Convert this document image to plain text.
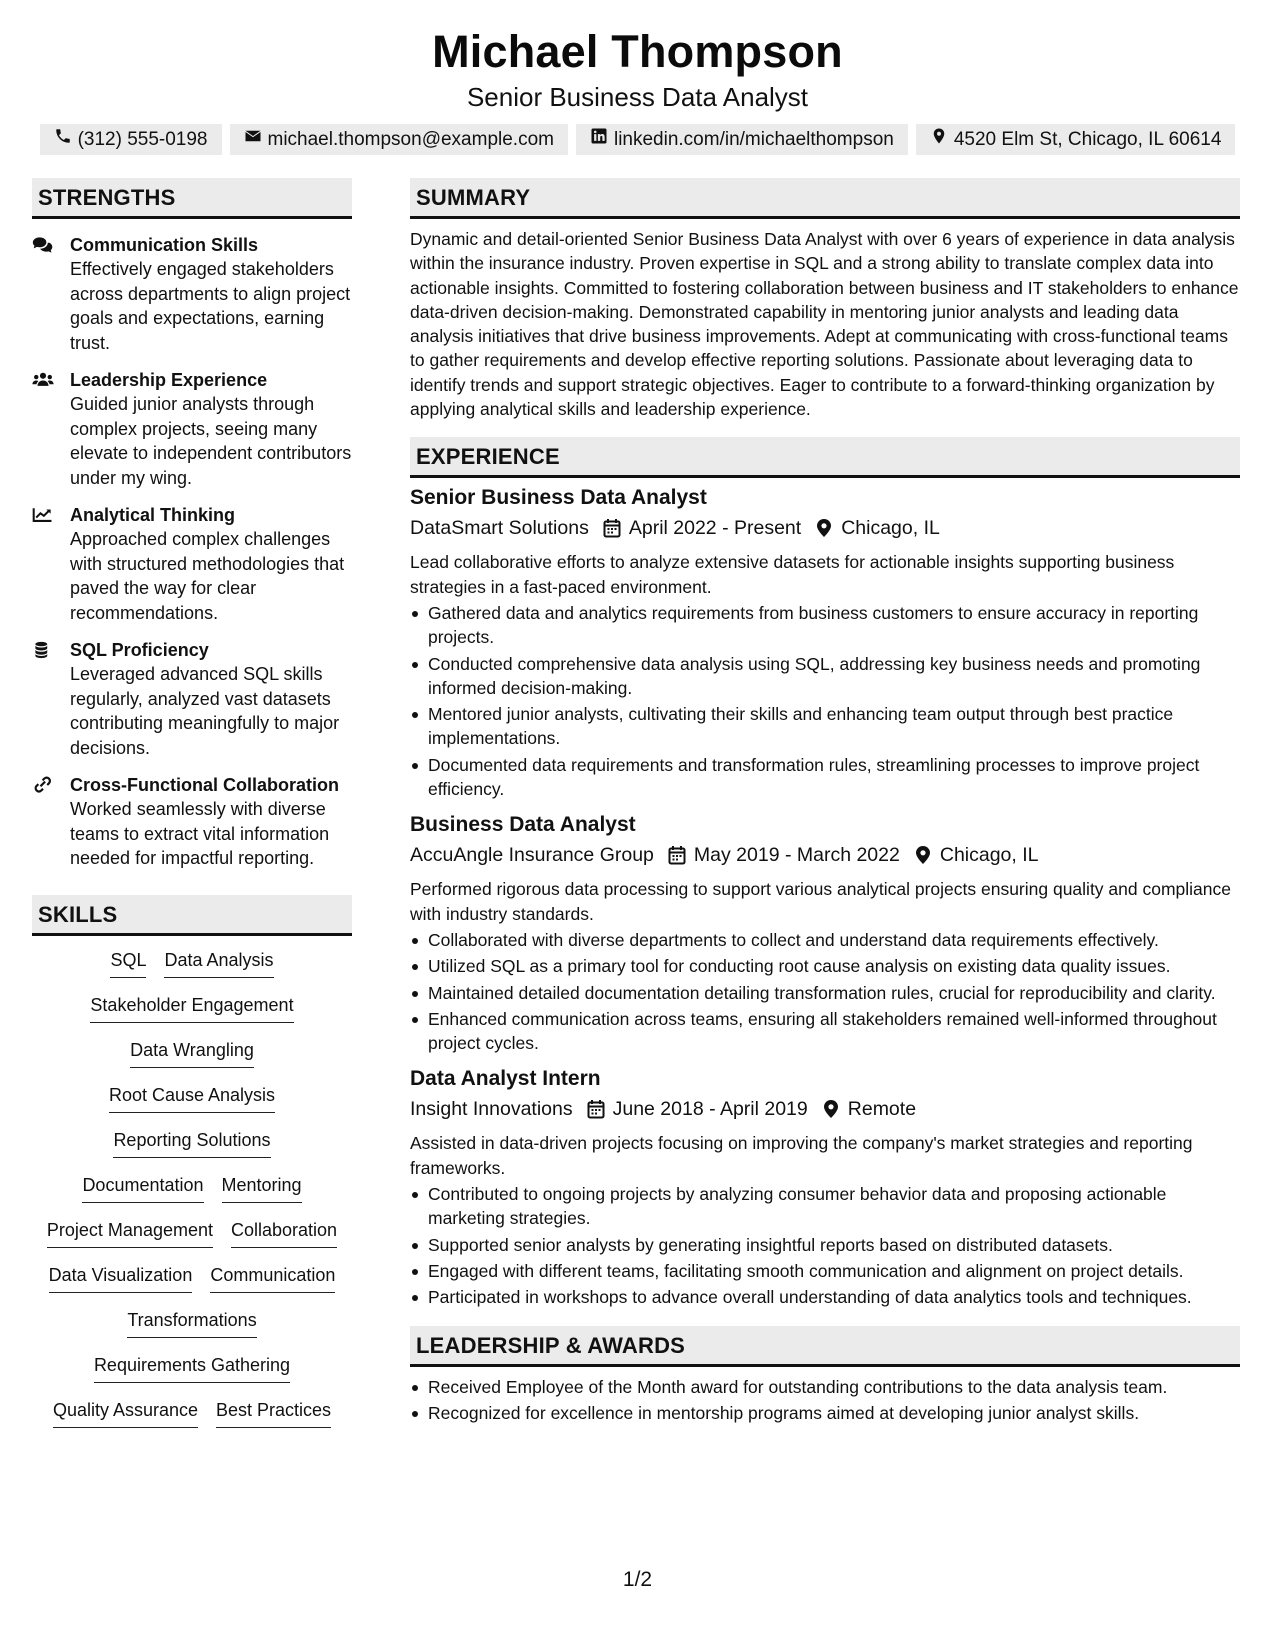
Michael Thompson
Senior Business Data Analyst
(312) 555-0198	michael.thompson@example.com	linkedin.com/in/michaelthompson	4520 Elm St, Chicago, IL 60614
STRENGTHS
Communication Skills
Effectively engaged stakeholders across departments to align project goals and expectations, earning trust.
Leadership Experience
Guided junior analysts through complex projects, seeing many elevate to independent contributors under my wing.
Analytical Thinking
Approached complex challenges with structured methodologies that paved the way for clear recommendations.
SQL Proficiency
Leveraged advanced SQL skills regularly, analyzed vast datasets contributing meaningfully to major decisions.
Cross-Functional Collaboration
Worked seamlessly with diverse teams to extract vital information needed for impactful reporting.
SKILLS
SQL Data Analysis
Stakeholder Engagement
Data Wrangling
Root Cause Analysis
Reporting Solutions
Documentation Mentoring
Project Management Collaboration
Data Visualization Communication
Transformations
Requirements Gathering
Quality Assurance Best Practices
SUMMARY
Dynamic and detail-oriented Senior Business Data Analyst with over 6 years of experience in data analysis within the insurance industry. Proven expertise in SQL and a strong ability to translate complex data into actionable insights. Committed to fostering collaboration between business and IT stakeholders to enhance data-driven decision-making. Demonstrated capability in mentoring junior analysts and leading data analysis initiatives that drive business improvements. Adept at communicating with cross-functional teams to gather requirements and develop effective reporting solutions. Passionate about leveraging data to identify trends and support strategic objectives. Eager to contribute to a forward-thinking organization by applying analytical skills and leadership experience.
EXPERIENCE
Senior Business Data Analyst
DataSmart Solutions April 2022 - Present Chicago, IL
Lead collaborative efforts to analyze extensive datasets for actionable insights supporting business strategies in a fast-paced environment.
Gathered data and analytics requirements from business customers to ensure accuracy in reporting projects.
Conducted comprehensive data analysis using SQL, addressing key business needs and promoting informed decision-making.
Mentored junior analysts, cultivating their skills and enhancing team output through best practice implementations.
Documented data requirements and transformation rules, streamlining processes to improve project efficiency.
Business Data Analyst
AccuAngle Insurance Group May 2019 - March 2022 Chicago, IL
Performed rigorous data processing to support various analytical projects ensuring quality and compliance with industry standards.
Collaborated with diverse departments to collect and understand data requirements effectively.
Utilized SQL as a primary tool for conducting root cause analysis on existing data quality issues.
Maintained detailed documentation detailing transformation rules, crucial for reproducibility and clarity.
Enhanced communication across teams, ensuring all stakeholders remained well-informed throughout project cycles.
Data Analyst Intern
Insight Innovations June 2018 - April 2019 Remote
Assisted in data-driven projects focusing on improving the company's market strategies and reporting frameworks.
Contributed to ongoing projects by analyzing consumer behavior data and proposing actionable marketing strategies.
Supported senior analysts by generating insightful reports based on distributed datasets.
Engaged with different teams, facilitating smooth communication and alignment on project details.
Participated in workshops to advance overall understanding of data analytics tools and techniques.
LEADERSHIP & AWARDS
Received Employee of the Month award for outstanding contributions to the data analysis team.
Recognized for excellence in mentorship programs aimed at developing junior analyst skills.
1/2
